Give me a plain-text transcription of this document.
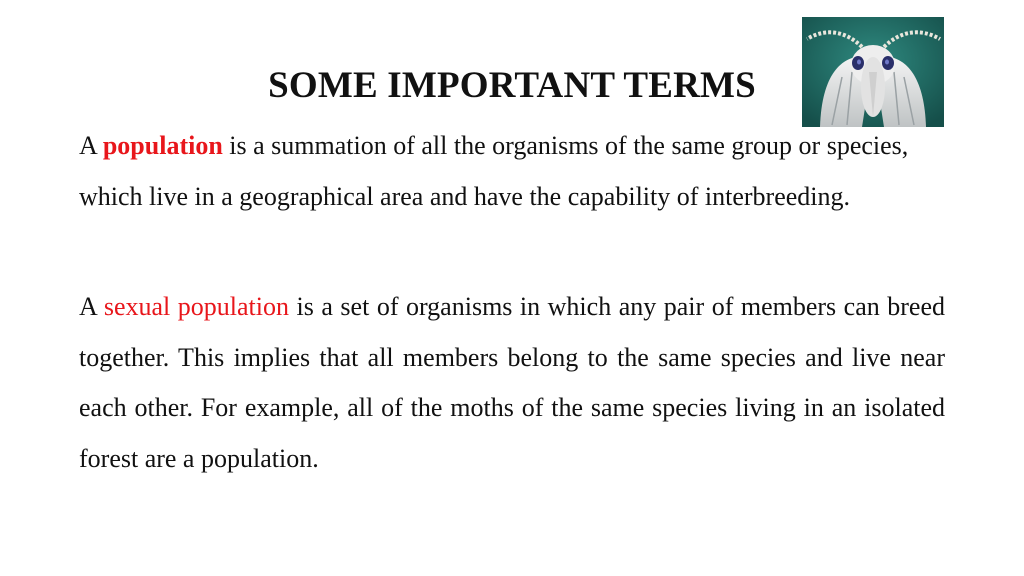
SOME IMPORTANT TERMS

A population is a summation of all the organisms of the same group or species, which live in a geographical area and have the capability of interbreeding.

A sexual population is a set of organisms in which any pair of members can breed together. This implies that all members belong to the same species and live near each other. For example, all of the moths of the same species living in an isolated forest are a population.
